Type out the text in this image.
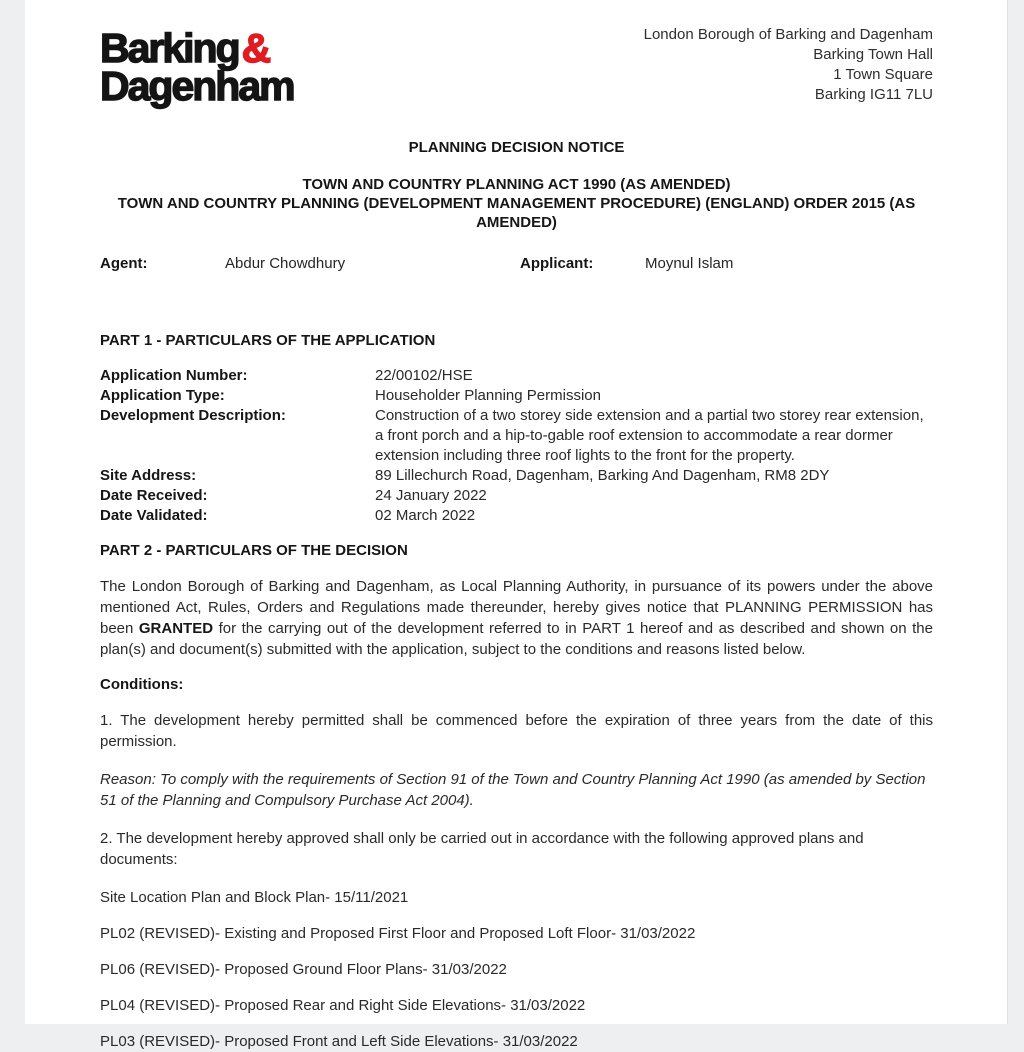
Barking&
Dagenham
London Borough of Barking and Dagenham
Barking Town Hall
1 Town Square
Barking IG11 7LU
PLANNING DECISION NOTICE
TOWN AND COUNTRY PLANNING ACT 1990 (AS AMENDED)
TOWN AND COUNTRY PLANNING (DEVELOPMENT MANAGEMENT PROCEDURE) (ENGLAND) ORDER 2015 (AS AMENDED)
Agent:	Abdur Chowdhury	Applicant:	Moynul Islam
PART 1 - PARTICULARS OF THE APPLICATION
Application Number:	22/00102/HSE
Application Type:	Householder Planning Permission
Development Description:	Construction of a two storey side extension and a partial two storey rear extension, a front porch and a hip-to-gable roof extension to accommodate a rear dormer extension including three roof lights to the front for the property.
Site Address:	89 Lillechurch Road, Dagenham, Barking And Dagenham, RM8 2DY
Date Received:	24 January 2022
Date Validated:	02 March 2022
PART 2 - PARTICULARS OF THE DECISION

The London Borough of Barking and Dagenham, as Local Planning Authority, in pursuance of its powers under the above mentioned Act, Rules, Orders and Regulations made thereunder, hereby gives notice that PLANNING PERMISSION has been GRANTED for the carrying out of the development referred to in PART 1 hereof and as described and shown on the plan(s) and document(s) submitted with the application, subject to the conditions and reasons listed below.

Conditions:

1. The development hereby permitted shall be commenced before the expiration of three years from the date of this permission.

Reason: To comply with the requirements of Section 91 of the Town and Country Planning Act 1990 (as amended by Section 51 of the Planning and Compulsory Purchase Act 2004).

2. The development hereby approved shall only be carried out in accordance with the following approved plans and documents:

Site Location Plan and Block Plan- 15/11/2021

PL02 (REVISED)- Existing and Proposed First Floor and Proposed Loft Floor- 31/03/2022

PL06 (REVISED)- Proposed Ground Floor Plans- 31/03/2022

PL04 (REVISED)- Proposed Rear and Right Side Elevations- 31/03/2022

PL03 (REVISED)- Proposed Front and Left Side Elevations- 31/03/2022
